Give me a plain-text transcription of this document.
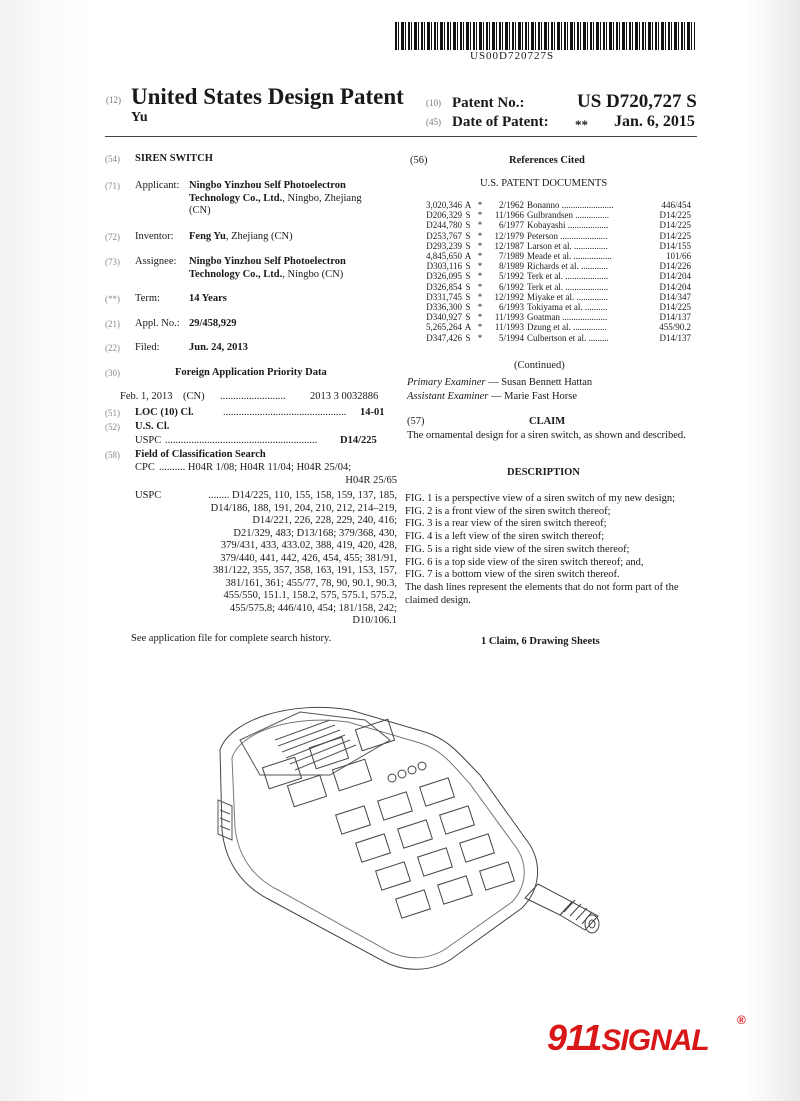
US00D720727S
(12) United States Design Patent
Yu
(10) Patent No.:	US D720,727 S
(45) Date of Patent: ** Jan. 6, 2015
(54) SIREN SWITCH
(71) Applicant: Ningbo Yinzhou Self Photoelectron
Technology Co., Ltd., Ningbo, Zhejiang
(CN)
(72) Inventor: Feng Yu, Zhejiang (CN)
(73) Assignee: Ningbo Yinzhou Self Photoelectron
Technology Co., Ltd., Ningbo (CN)
(**) Term:	14 Years
(21) Appl. No.: 29/458,929
(22) Filed:	Jun. 24, 2013
(30)	Foreign Application Priority Data
Feb. 1, 2013 (CN) ......................... 2013 3 0032886
(51) LOC (10) Cl.	............................................... 14-01
(52) U.S. Cl.
USPC .......................................................... D14/225
(58) Field of Classification Search
CPC .......... H04R 1/08; H04R 11/04; H04R 25/04;
H04R 25/65
USPC	........ D14/225, 110, 155, 158, 159, 137, 185,
D14/186, 188, 191, 204, 210, 212, 214–219,
D14/221, 226, 228, 229, 240, 416;
D21/329, 483; D13/168; 379/368, 430,
379/431, 433, 433.02, 388, 419, 420, 428,
379/440, 441, 442, 426, 454, 455; 381/91,
381/122, 355, 357, 358, 163, 191, 153, 157,
381/161, 361; 455/77, 78, 90, 90.1, 90.3,
455/550, 151.1, 158.2, 575, 575.1, 575.2,
455/575.8; 446/410, 454; 181/158, 242;
D10/106.1
See application file for complete search history.
(56)	References Cited
U.S. PATENT DOCUMENTS
3,020,346	A	*	2/1962	Bonanno .......................	446/454
D206,329	S	*	11/1966	Gulbrandsen ...............	D14/225
D244,780	S	*	6/1977	Kobayashi ..................	D14/225
D253,767	S	*	12/1979	Peterson .....................	D14/225
D293,239	S	*	12/1987	Larson et al. ...............	D14/155
4,845,650	A	*	7/1989	Meade et al. .................	101/66
D303,116	S	*	8/1989	Richards et al. ............	D14/226
D326,095	S	*	5/1992	Terk et al. ...................	D14/204
D326,854	S	*	6/1992	Terk et al. ...................	D14/204
D331,745	S	*	12/1992	Miyake et al. ..............	D14/347
D336,300	S	*	6/1993	Tokiyama et al. ..........	D14/225
D340,927	S	*	11/1993	Goatman ....................	D14/137
5,265,264	A	*	11/1993	Dzung et al. ...............	455/90.2
D347,426	S	*	5/1994	Culbertson et al. .........	D14/137
(Continued)
Primary Examiner — Susan Bennett Hattan
Assistant Examiner — Marie Fast Horse
(57)	CLAIM
The ornamental design for a siren switch, as shown and described.
DESCRIPTION

FIG. 1 is a perspective view of a siren switch of my new design;

FIG. 2 is a front view of the siren switch thereof;

FIG. 3 is a rear view of the siren switch thereof;

FIG. 4 is a left view of the siren switch thereof;

FIG. 5 is a right side view of the siren switch thereof;

FIG. 6 is a top side view of the siren switch thereof; and,

FIG. 7 is a bottom view of the siren switch thereof.

The dash lines represent the elements that do not form part of the claimed design.

1 Claim, 6 Drawing Sheets
911SIGNAL
®
